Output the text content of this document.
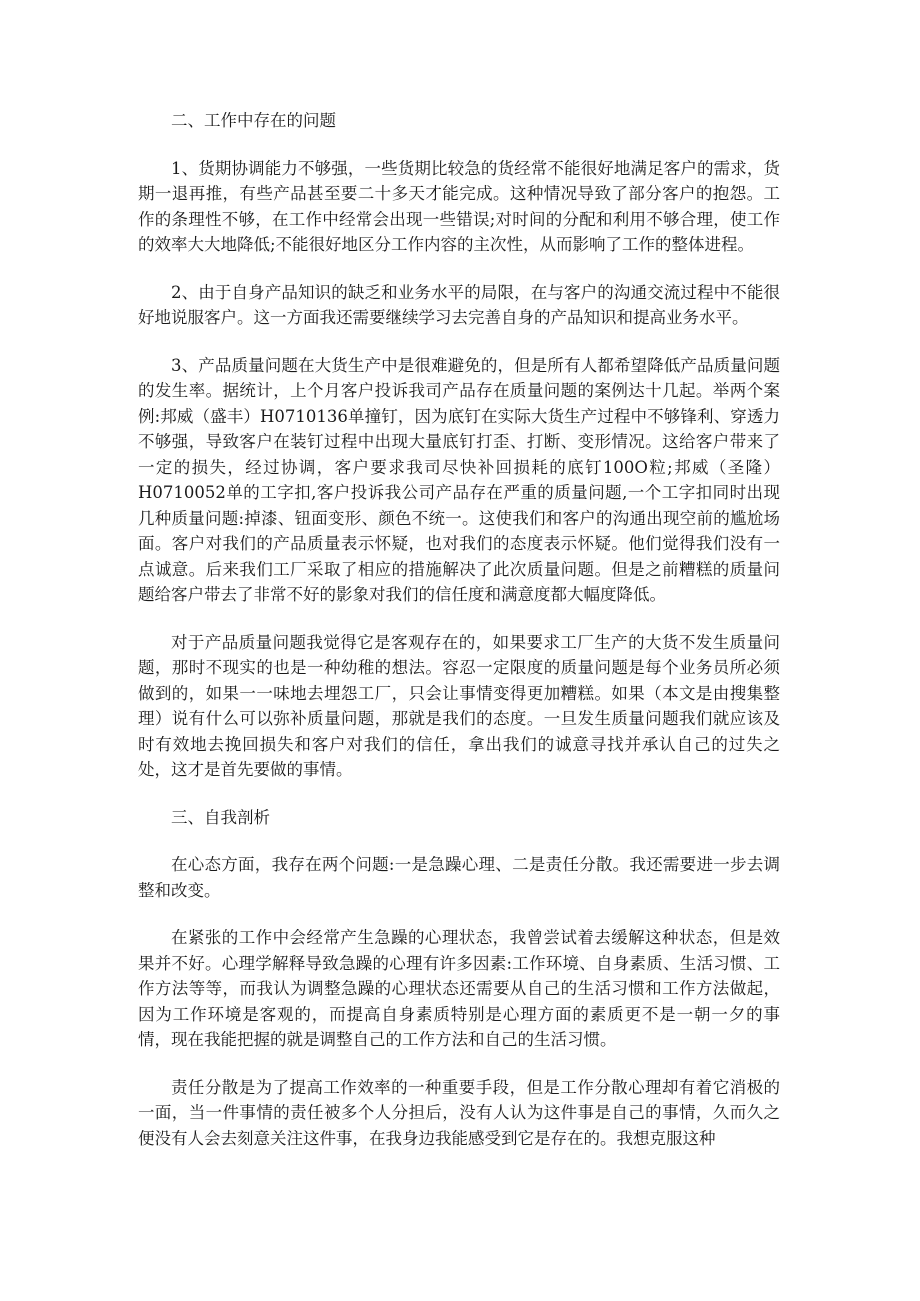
二、工作中存在的问题

1、货期协调能力不够强，一些货期比较急的货经常不能很好地满足客户的需求，货期一退再推，有些产品甚至要二十多天才能完成。这种情况导致了部分客户的抱怨。工作的条理性不够，在工作中经常会出现一些错误;对时间的分配和利用不够合理，使工作的效率大大地降低;不能很好地区分工作内容的主次性，从而影响了工作的整体进程。

2、由于自身产品知识的缺乏和业务水平的局限，在与客户的沟通交流过程中不能很好地说服客户。这一方面我还需要继续学习去完善自身的产品知识和提高业务水平。

3、产品质量问题在大货生产中是很难避免的，但是所有人都希望降低产品质量问题的发生率。据统计，上个月客户投诉我司产品存在质量问题的案例达十几起。举两个案例:邦威（盛丰）H0710136单撞钉，因为底钉在实际大货生产过程中不够锋利、穿透力不够强，导致客户在装钉过程中出现大量底钉打歪、打断、变形情况。这给客户带来了一定的损失，经过协调，客户要求我司尽快补回损耗的底钉100O粒;邦威（圣隆）H0710052单的工字扣,客户投诉我公司产品存在严重的质量问题,一个工字扣同时出现几种质量问题:掉漆、钮面变形、颜色不统一。这使我们和客户的沟通出现空前的尴尬场面。客户对我们的产品质量表示怀疑，也对我们的态度表示怀疑。他们觉得我们没有一点诚意。后来我们工厂采取了相应的措施解决了此次质量问题。但是之前糟糕的质量问题给客户带去了非常不好的影象对我们的信任度和满意度都大幅度降低。

对于产品质量问题我觉得它是客观存在的，如果要求工厂生产的大货不发生质量问题，那时不现实的也是一种幼稚的想法。容忍一定限度的质量问题是每个业务员所必须做到的，如果一一味地去埋怨工厂，只会让事情变得更加糟糕。如果（本文是由搜集整理）说有什么可以弥补质量问题，那就是我们的态度。一旦发生质量问题我们就应该及时有效地去挽回损失和客户对我们的信任，拿出我们的诚意寻找并承认自己的过失之处，这才是首先要做的事情。

三、自我剖析

在心态方面，我存在两个问题:一是急躁心理、二是责任分散。我还需要进一步去调整和改变。

在紧张的工作中会经常产生急躁的心理状态，我曾尝试着去缓解这种状态，但是效果并不好。心理学解释导致急躁的心理有许多因素:工作环境、自身素质、生活习惯、工作方法等等，而我认为调整急躁的心理状态还需要从自己的生活习惯和工作方法做起，因为工作环境是客观的，而提高自身素质特别是心理方面的素质更不是一朝一夕的事情，现在我能把握的就是调整自己的工作方法和自己的生活习惯。

责任分散是为了提高工作效率的一种重要手段，但是工作分散心理却有着它消极的一面，当一件事情的责任被多个人分担后，没有人认为这件事是自己的事情，久而久之便没有人会去刻意关注这件事，在我身边我能感受到它是存在的。我想克服这种
